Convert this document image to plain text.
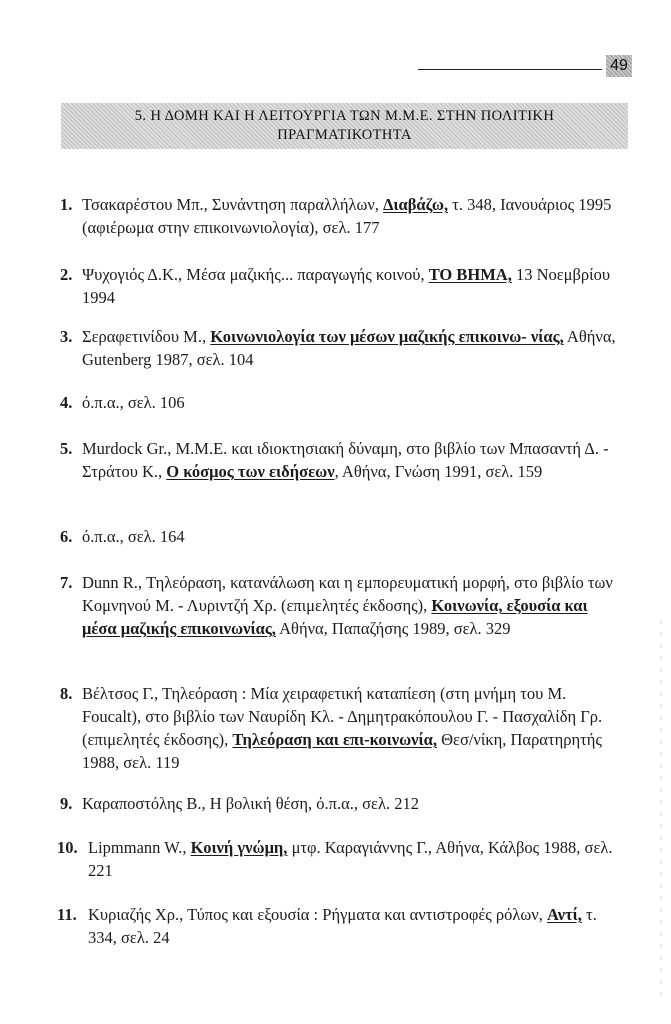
49
5. Η ΔΟΜΗ ΚΑΙ Η ΛΕΙΤΟΥΡΓΙΑ ΤΩΝ Μ.Μ.Ε. ΣΤΗΝ ΠΟΛΙΤΙΚΗ
ΠΡΑΓΜΑΤΙΚΟΤΗΤΑ
1. Τσακαρέστου Μπ., Συνάντηση παραλλήλων, Διαβάζω, τ. 348, Ιανουάριος 1995 (αφιέρωμα στην επικοινωνιολογία), σελ. 177
2. Ψυχογιός Δ.Κ., Μέσα μαζικής... παραγωγής κοινού, ΤΟ ΒΗΜΑ, 13 Νοεμβρίου 1994
3. Σεραφετινίδου Μ., Κοινωνιολογία των μέσων μαζικής επικοινω- νίας, Αθήνα, Gutenberg 1987, σελ. 104
4. ό.π.α., σελ. 106
5. Murdock Gr., M.M.E. και ιδιοκτησιακή δύναμη, στο βιβλίο των Μπασαντή Δ. - Στράτου Κ., Ο κόσμος των ειδήσεων, Αθήνα, Γνώση 1991, σελ. 159
6. ό.π.α., σελ. 164
7. Dunn R., Τηλεόραση, κατανάλωση και η εμπορευματική μορφή, στο βιβλίο των Κομνηνού Μ. - Λυριντζή Χρ. (επιμελητές έκδοσης), Κοινωνία, εξουσία και μέσα μαζικής επικοινωνίας, Αθήνα, Παπαζήσης 1989, σελ. 329
8. Βέλτσος Γ., Τηλεόραση : Μία χειραφετική καταπίεση (στη μνήμη του M. Foucalt), στο βιβλίο των Ναυρίδη Κλ. - Δημητρακόπουλου Γ. - Πασχαλίδη Γρ. (επιμελητές έκδοσης), Τηλεόραση και επι-κοινωνία, Θεσ/νίκη, Παρατηρητής 1988, σελ. 119
9. Καραποστόλης Β., Η βολική θέση, ό.π.α., σελ. 212
10. Lipmmann W., Κοινή γνώμη, μτφ. Καραγιάννης Γ., Αθήνα, Κάλβος 1988, σελ. 221
11. Κυριαζής Χρ., Τύπος και εξουσία : Ρήγματα και αντιστροφές ρόλων, Αντί, τ. 334, σελ. 24
